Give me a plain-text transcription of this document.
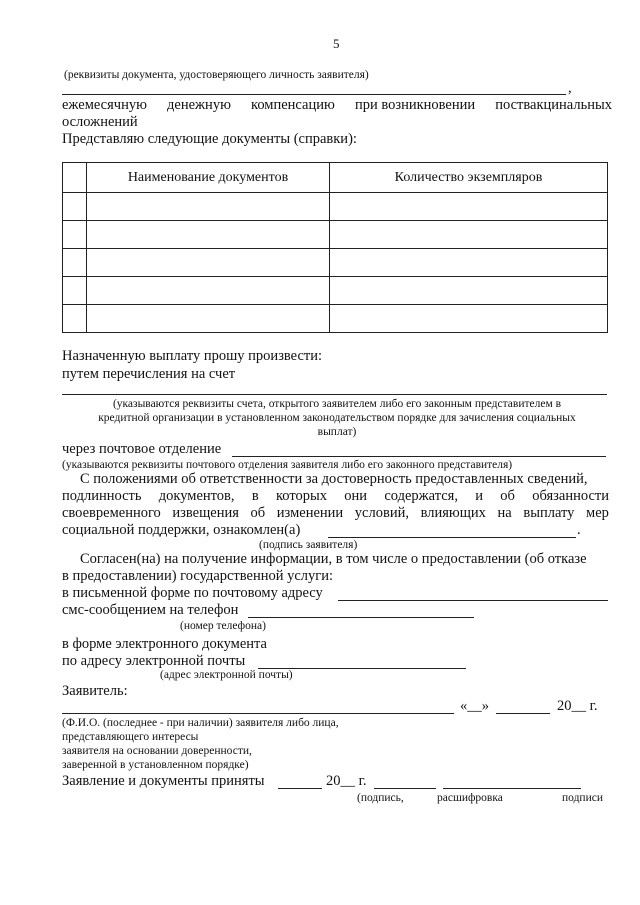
5
(реквизиты документа, удостоверяющего личность заявителя)
,
ежемесячную денежную компенсацию при возникновении поствакцинальных
осложнений
Представляю следующие документы (справки):
	Наименование документов	Количество экземпляров

Назначенную выплату прошу произвести:
путем перечисления на счет
(указываются реквизиты счета, открытого заявителем либо его законным представителем в
кредитной организации в установленном законодательством порядке для зачисления социальных
выплат)
через почтовое отделение
(указываются реквизиты почтового отделения заявителя либо его законного представителя)
С положениями об ответственности за достоверность предоставленных сведений,
подлинность документов, в которых они содержатся, и об обязанности
своевременного извещения об изменении условий, влияющих на выплату мер
социальной поддержки, ознакомлен(а)	.
(подпись заявителя)
Согласен(на) на получение информации, в том числе о предоставлении (об отказе
в предоставлении) государственной услуги:
в письменной форме по почтовому адресу
смс-сообщением на телефон
(номер телефона)
в форме электронного документа
по адресу электронной почты
(адрес электронной почты)
Заявитель:
«__»	20__ г.
(Ф.И.О. (последнее - при наличии) заявителя либо лица,
представляющего интересы
заявителя на основании доверенности,
заверенной в установленном порядке)
Заявление и документы приняты	20__ г.
(подпись,	расшифровка	подписи
